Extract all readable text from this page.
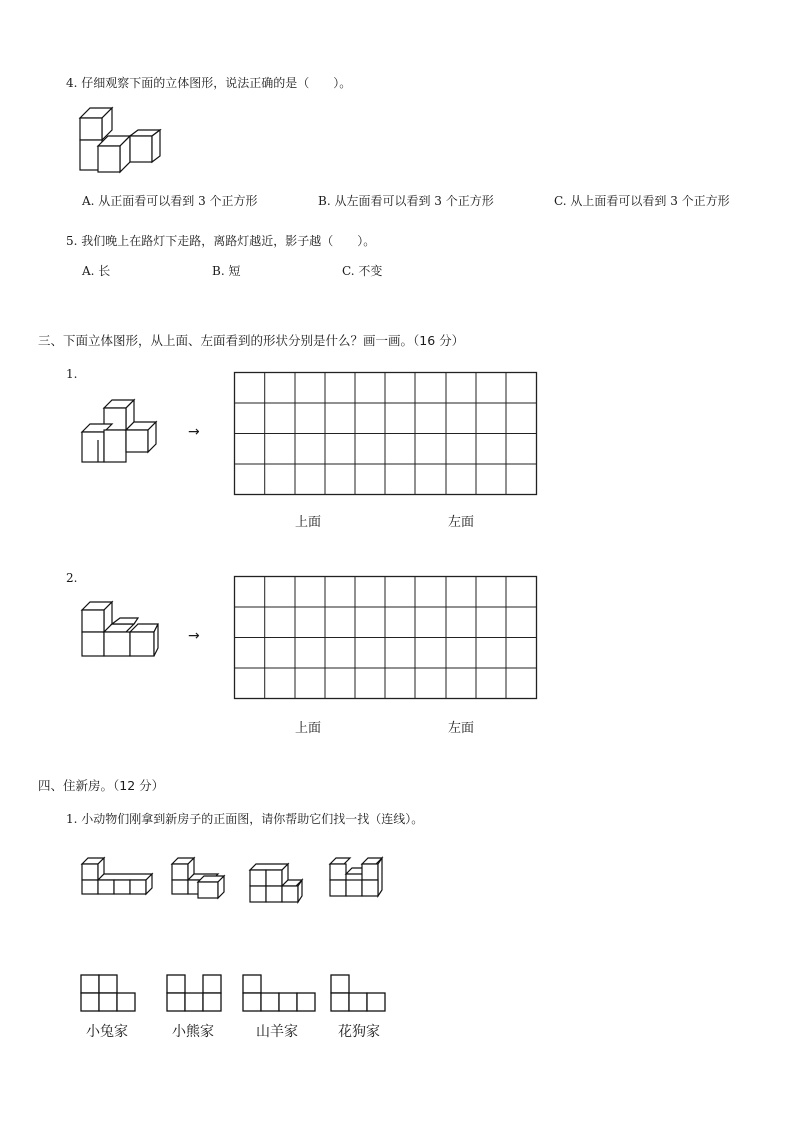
4. 仔细观察下面的立体图形，说法正确的是（　　）。
A. 从正面看可以看到 3 个正方形	B. 从左面看可以看到 3 个正方形	C. 从上面看可以看到 3 个正方形
5. 我们晚上在路灯下走路，离路灯越近，影子越（　　）。
A. 长	B. 短	C. 不变
三、下面立体图形，从上面、左面看到的形状分别是什么？画一画。（16 分）
1.
→
上面	左面
2.
→
上面	左面
四、住新房。（12 分）
1. 小动物们刚拿到新房子的正面图，请你帮助它们找一找（连线）。
小兔家	小熊家	山羊家	花狗家
